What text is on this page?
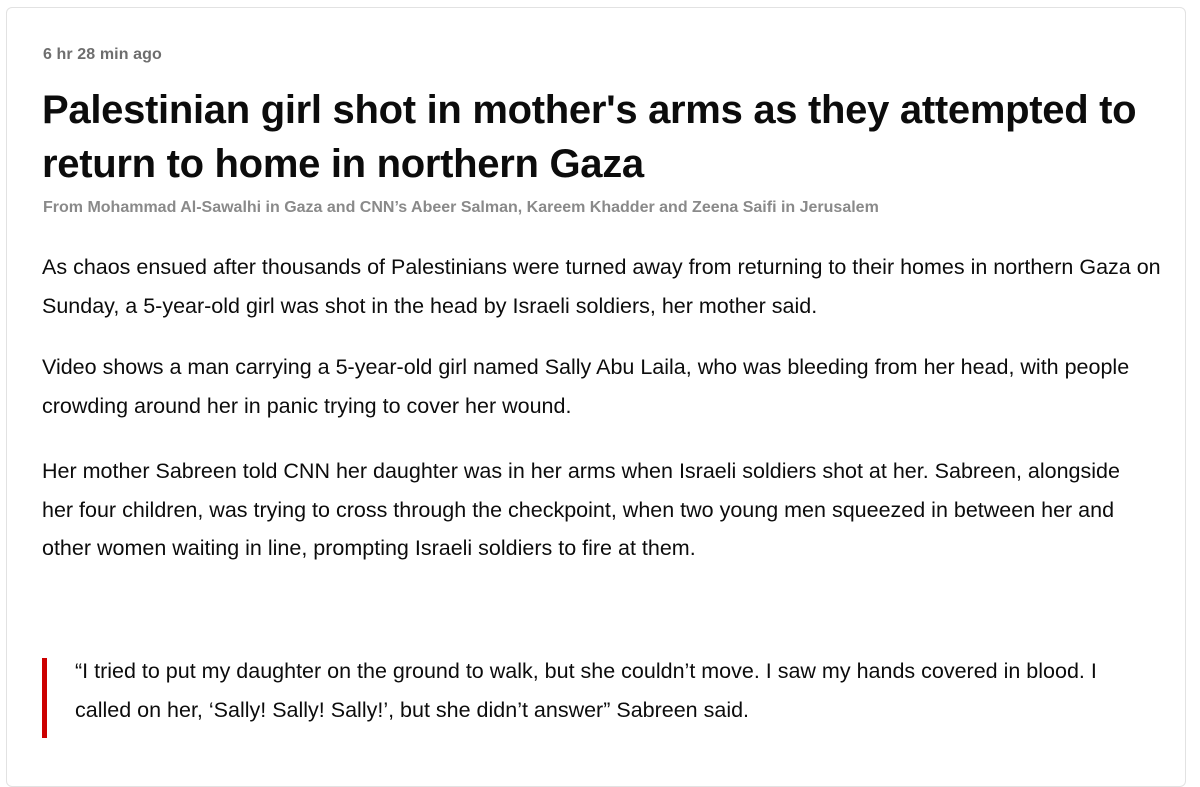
6 hr 28 min ago
Palestinian girl shot in mother's arms as they attempted to return to home in northern Gaza
From Mohammad Al-Sawalhi in Gaza and CNN’s Abeer Salman, Kareem Khadder and Zeena Saifi in Jerusalem

As chaos ensued after thousands of Palestinians were turned away from returning to their homes in northern Gaza on Sunday, a 5-year-old girl was shot in the head by Israeli soldiers, her mother said.

Video shows a man carrying a 5-year-old girl named Sally Abu Laila, who was bleeding from her head, with people crowding around her in panic trying to cover her wound.

Her mother Sabreen told CNN her daughter was in her arms when Israeli soldiers shot at her. Sabreen, alongside her four children, was trying to cross through the checkpoint, when two young men squeezed in between her and other women waiting in line, prompting Israeli soldiers to fire at them.

“I tried to put my daughter on the ground to walk, but she couldn’t move. I saw my hands covered in blood. I called on her, ‘Sally! Sally! Sally!’, but she didn’t answer” Sabreen said.
